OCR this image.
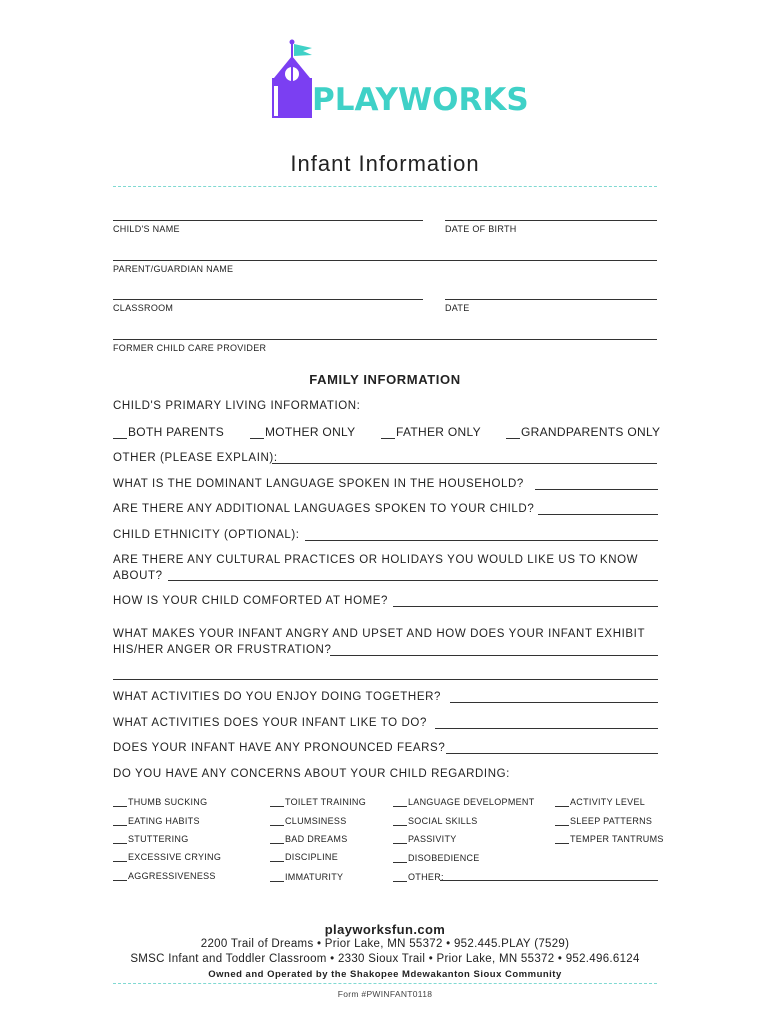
PLAYWORKS
Infant Information
CHILD'S NAME	DATE OF BIRTH
PARENT/GUARDIAN NAME
CLASSROOM	DATE
FORMER CHILD CARE PROVIDER
FAMILY INFORMATION
CHILD'S PRIMARY LIVING INFORMATION:
BOTH PARENTS	MOTHER ONLY	FATHER ONLY	GRANDPARENTS ONLY
OTHER (PLEASE EXPLAIN):
WHAT IS THE DOMINANT LANGUAGE SPOKEN IN THE HOUSEHOLD?
ARE THERE ANY ADDITIONAL LANGUAGES SPOKEN TO YOUR CHILD?
CHILD ETHNICITY (OPTIONAL):
ARE THERE ANY CULTURAL PRACTICES OR HOLIDAYS YOU WOULD LIKE US TO KNOW
ABOUT?
HOW IS YOUR CHILD COMFORTED AT HOME?
WHAT MAKES YOUR INFANT ANGRY AND UPSET AND HOW DOES YOUR INFANT EXHIBIT
HIS/HER ANGER OR FRUSTRATION?
WHAT ACTIVITIES DO YOU ENJOY DOING TOGETHER?
WHAT ACTIVITIES DOES YOUR INFANT LIKE TO DO?
DOES YOUR INFANT HAVE ANY PRONOUNCED FEARS?
DO YOU HAVE ANY CONCERNS ABOUT YOUR CHILD REGARDING:
THUMB SUCKING	TOILET TRAINING	LANGUAGE DEVELOPMENT	ACTIVITY LEVEL
EATING HABITS	CLUMSINESS	SOCIAL SKILLS	SLEEP PATTERNS
STUTTERING	BAD DREAMS	PASSIVITY	TEMPER TANTRUMS
EXCESSIVE CRYING	DISCIPLINE	DISOBEDIENCE
AGGRESSIVENESS	IMMATURITY	OTHER:
playworksfun.com
2200 Trail of Dreams • Prior Lake, MN 55372 • 952.445.PLAY (7529)
SMSC Infant and Toddler Classroom • 2330 Sioux Trail • Prior Lake, MN 55372 • 952.496.6124
Owned and Operated by the Shakopee Mdewakanton Sioux Community
Form #PWINFANT0118
